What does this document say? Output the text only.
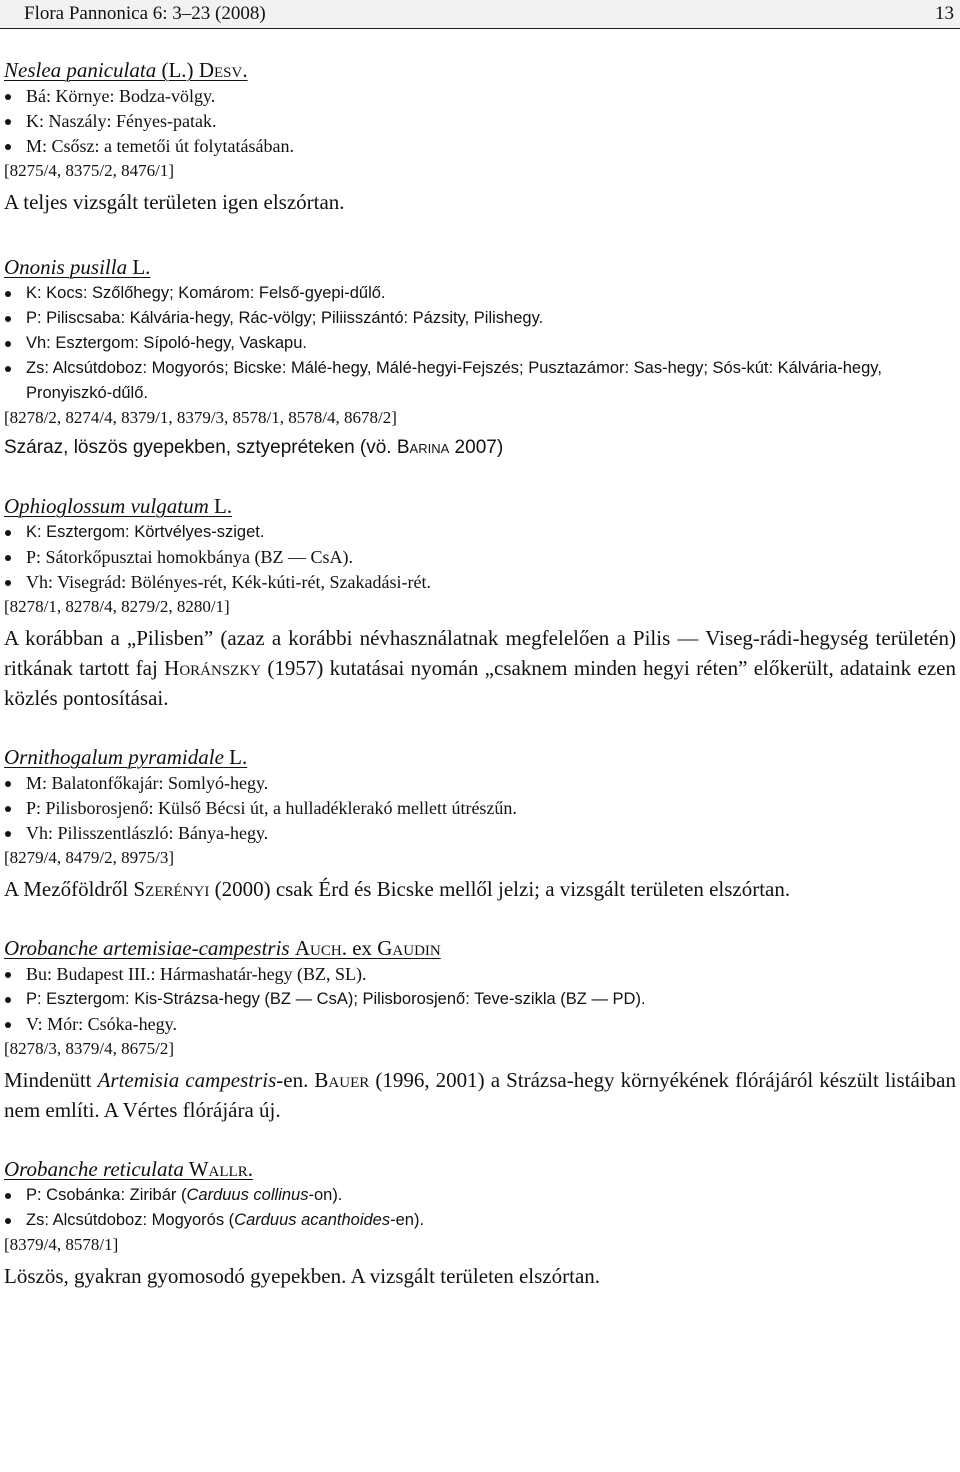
Flora Pannonica 6: 3–23 (2008)	13

Neslea paniculata (L.) Desv.

Bá: Környe: Bodza-völgy.
K: Naszály: Fényes-patak.
M: Csősz: a temetői út folytatásában.

[8275/4, 8375/2, 8476/1]

A teljes vizsgált területen igen elszórtan.

Ononis pusilla L.

K: Kocs: Szőlőhegy; Komárom: Felső-gyepi-dűlő.
P: Piliscsaba: Kálvária-hegy, Rác-völgy; Piliisszántó: Pázsity, Pilishegy.
Vh: Esztergom: Sípoló-hegy, Vaskapu.
Zs: Alcsútdoboz: Mogyorós; Bicske: Málé-hegy, Málé-hegyi-Fejszés; Pusztazámor: Sas-hegy; Sós-kút: Kálvária-hegy, Pronyiszkó-dűlő.

[8278/2, 8274/4, 8379/1, 8379/3, 8578/1, 8578/4, 8678/2]

Száraz, löszös gyepekben, sztyepréteken (vö. Barina 2007)

Ophioglossum vulgatum L.

K: Esztergom: Körtvélyes-sziget.
P: Sátorkőpusztai homokbánya (BZ — CsA).
Vh: Visegrád: Bölényes-rét, Kék-kúti-rét, Szakadási-rét.

[8278/1, 8278/4, 8279/2, 8280/1]

A korábban a „Pilisben” (azaz a korábbi névhasználatnak megfelelően a Pilis — Viseg-rádi-hegység területén) ritkának tartott faj Horánszky (1957) kutatásai nyomán „csaknem minden hegyi réten” előkerült, adataink ezen közlés pontosításai.

Ornithogalum pyramidale L.

M: Balatonfőkajár: Somlyó-hegy.
P: Pilisborosjenő: Külső Bécsi út, a hulladéklerakó mellett útrészűn.
Vh: Pilisszentlászló: Bánya-hegy.

[8279/4, 8479/2, 8975/3]

A Mezőföldről Szerényi (2000) csak Érd és Bicske mellől jelzi; a vizsgált területen elszórtan.

Orobanche artemisiae-campestris Auch. ex Gaudin

Bu: Budapest III.: Hármashatár-hegy (BZ, SL).
P: Esztergom: Kis-Strázsa-hegy (BZ — CsA); Pilisborosjenő: Teve-szikla (BZ — PD).
V: Mór: Csóka-hegy.

[8278/3, 8379/4, 8675/2]

Mindenütt Artemisia campestris-en. Bauer (1996, 2001) a Strázsa-hegy környékének flórájáról készült listáiban nem említi. A Vértes flórájára új.

Orobanche reticulata Wallr.

P: Csobánka: Ziribár (Carduus collinus-on).
Zs: Alcsútdoboz: Mogyorós (Carduus acanthoides-en).

[8379/4, 8578/1]

Löszös, gyakran gyomosodó gyepekben. A vizsgált területen elszórtan.
